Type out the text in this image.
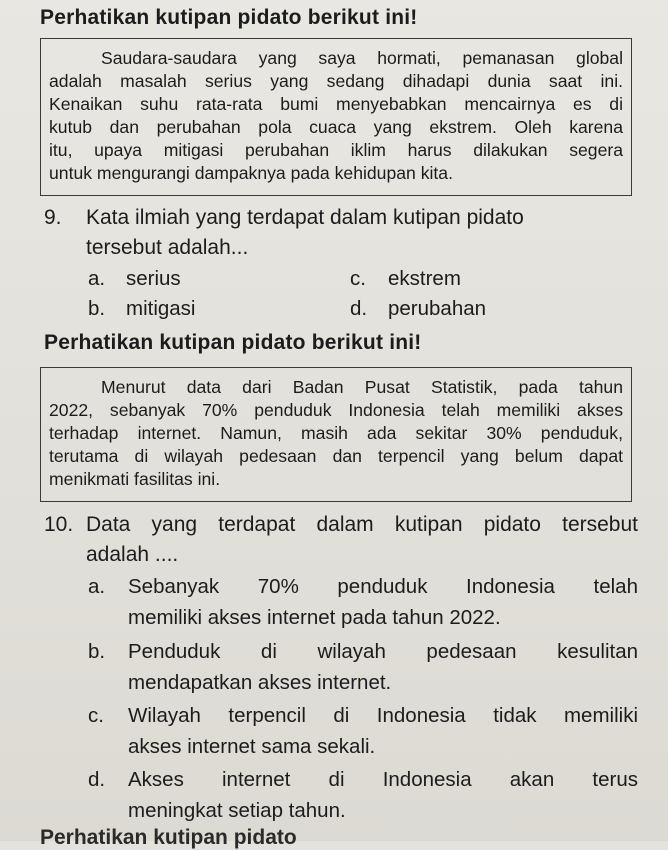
Perhatikan kutipan pidato berikut ini!
Saudara-saudara yang saya hormati, pemanasan global
adalah masalah serius yang sedang dihadapi dunia saat ini.
Kenaikan suhu rata-rata bumi menyebabkan mencairnya es di
kutub dan perubahan pola cuaca yang ekstrem. Oleh karena
itu, upaya mitigasi perubahan iklim harus dilakukan segera
untuk mengurangi dampaknya pada kehidupan kita.
9. Kata ilmiah yang terdapat dalam kutipan pidato
tersebut adalah...
a. serius
b. mitigasi
c. ekstrem
d. perubahan
Perhatikan kutipan pidato berikut ini!
Menurut data dari Badan Pusat Statistik, pada tahun
2022, sebanyak 70% penduduk Indonesia telah memiliki akses
terhadap internet. Namun, masih ada sekitar 30% penduduk,
terutama di wilayah pedesaan dan terpencil yang belum dapat
menikmati fasilitas ini.
10. Data yang terdapat dalam kutipan pidato tersebut
adalah ....
a. Sebanyak 70% penduduk Indonesia telah
memiliki akses internet pada tahun 2022.
b. Penduduk di wilayah pedesaan kesulitan
mendapatkan akses internet.
c. Wilayah terpencil di Indonesia tidak memiliki
akses internet sama sekali.
d. Akses internet di Indonesia akan terus
meningkat setiap tahun.
Perhatikan kutipan pidato
